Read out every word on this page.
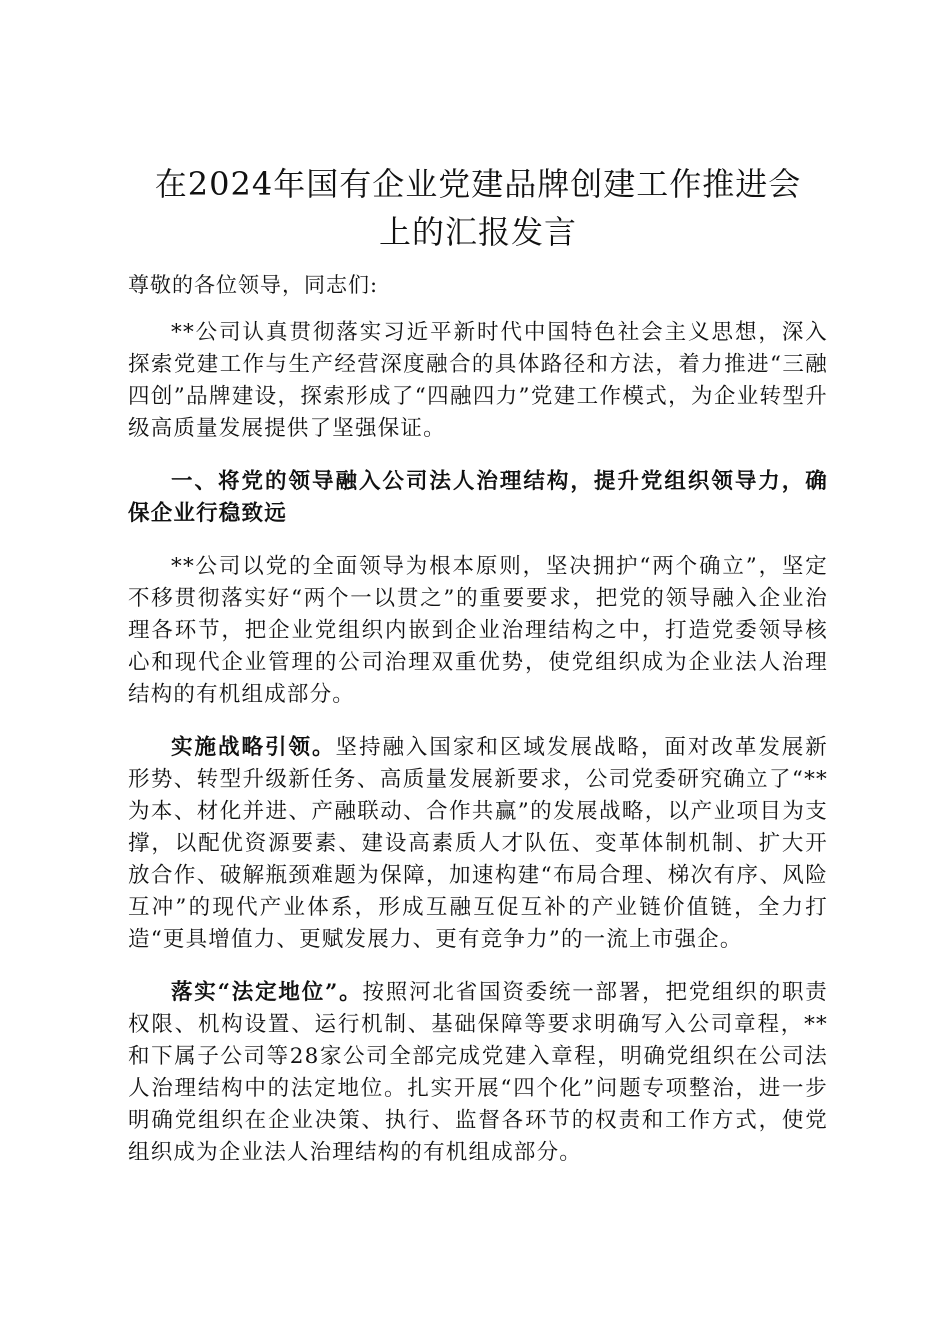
在2024年国有企业党建品牌创建工作推进会
上的汇报发言

尊敬的各位领导，同志们:

**公司认真贯彻落实习近平新时代中国特色社会主义思想，深入探索党建工作与生产经营深度融合的具体路径和方法，着力推进“三融四创”品牌建设，探索形成了“四融四力”党建工作模式，为企业转型升级高质量发展提供了坚强保证。

一、将党的领导融入公司法人治理结构，提升党组织领导力，确保企业行稳致远

**公司以党的全面领导为根本原则，坚决拥护“两个确立”，坚定不移贯彻落实好“两个一以贯之”的重要要求，把党的领导融入企业治理各环节，把企业党组织内嵌到企业治理结构之中，打造党委领导核心和现代企业管理的公司治理双重优势，使党组织成为企业法人治理结构的有机组成部分。

实施战略引领。坚持融入国家和区域发展战略，面对改革发展新形势、转型升级新任务、高质量发展新要求，公司党委研究确立了“**为本、材化并进、产融联动、合作共赢”的发展战略，以产业项目为支撑，以配优资源要素、建设高素质人才队伍、变革体制机制、扩大开放合作、破解瓶颈难题为保障，加速构建“布局合理、梯次有序、风险互冲”的现代产业体系，形成互融互促互补的产业链价值链，全力打造“更具增值力、更赋发展力、更有竞争力”的一流上市强企。

落实“法定地位”。按照河北省国资委统一部署，把党组织的职责权限、机构设置、运行机制、基础保障等要求明确写入公司章程，**和下属子公司等28家公司全部完成党建入章程，明确党组织在公司法人治理结构中的法定地位。扎实开展“四个化”问题专项整治，进一步明确党组织在企业决策、执行、监督各环节的权责和工作方式，使党组织成为企业法人治理结构的有机组成部分。
